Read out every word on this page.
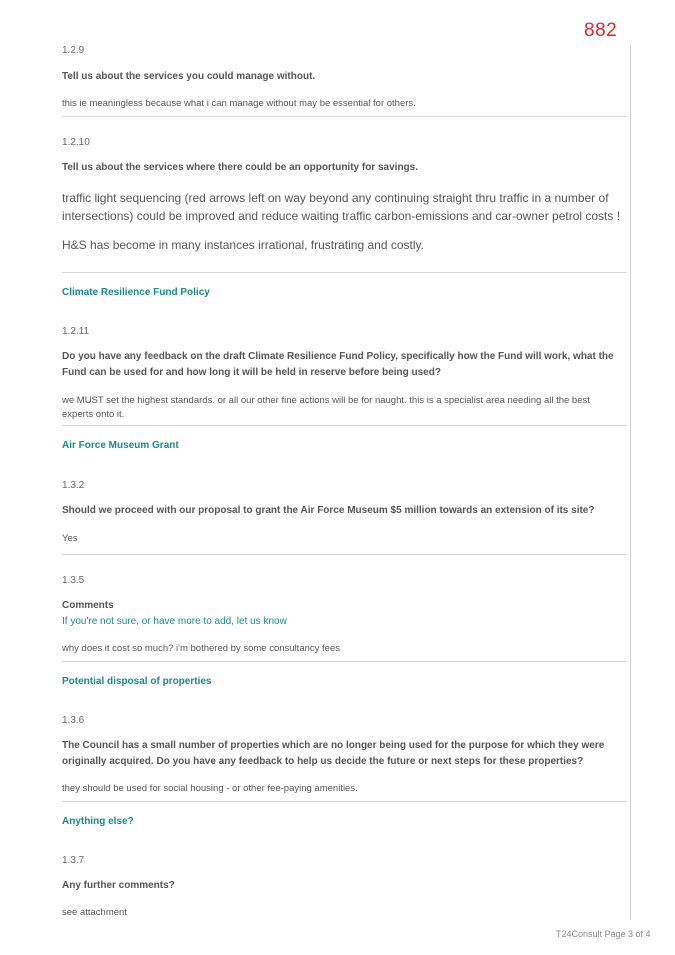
882
1.2.9
Tell us about the services you could manage without.
this ie meaningless because what i can manage without may be essential for others.
1.2.10
Tell us about the services where there could be an opportunity for savings.
traffic light sequencing (red arrows left on way beyond any continuing straight thru traffic in a number of intersections) could be improved and reduce waiting traffic carbon-emissions and car-owner petrol costs !
H&S has become in many instances irrational, frustrating and costly.
Climate Resilience Fund Policy
1.2.11
Do you have any feedback on the draft Climate Resilience Fund Policy, specifically how the Fund will work, what the Fund can be used for and how long it will be held in reserve before being used?
we MUST set the highest standards. or all our other fine actions will be for naught. this is a specialist area needing all the best experts onto it.
Air Force Museum Grant
1.3.2
Should we proceed with our proposal to grant the Air Force Museum $5 million towards an extension of its site?
Yes
1.3.5
Comments
If you're not sure, or have more to add, let us know
why does it cost so much? i'm bothered by some consultancy fees
Potential disposal of properties
1.3.6
The Council has a small number of properties which are no longer being used for the purpose for which they were originally acquired. Do you have any feedback to help us decide the future or next steps for these properties?
they should be used for social housing - or other fee-paying amenities.
Anything else?
1.3.7
Any further comments?
see attachment
T24Consult Page 3 of 4
